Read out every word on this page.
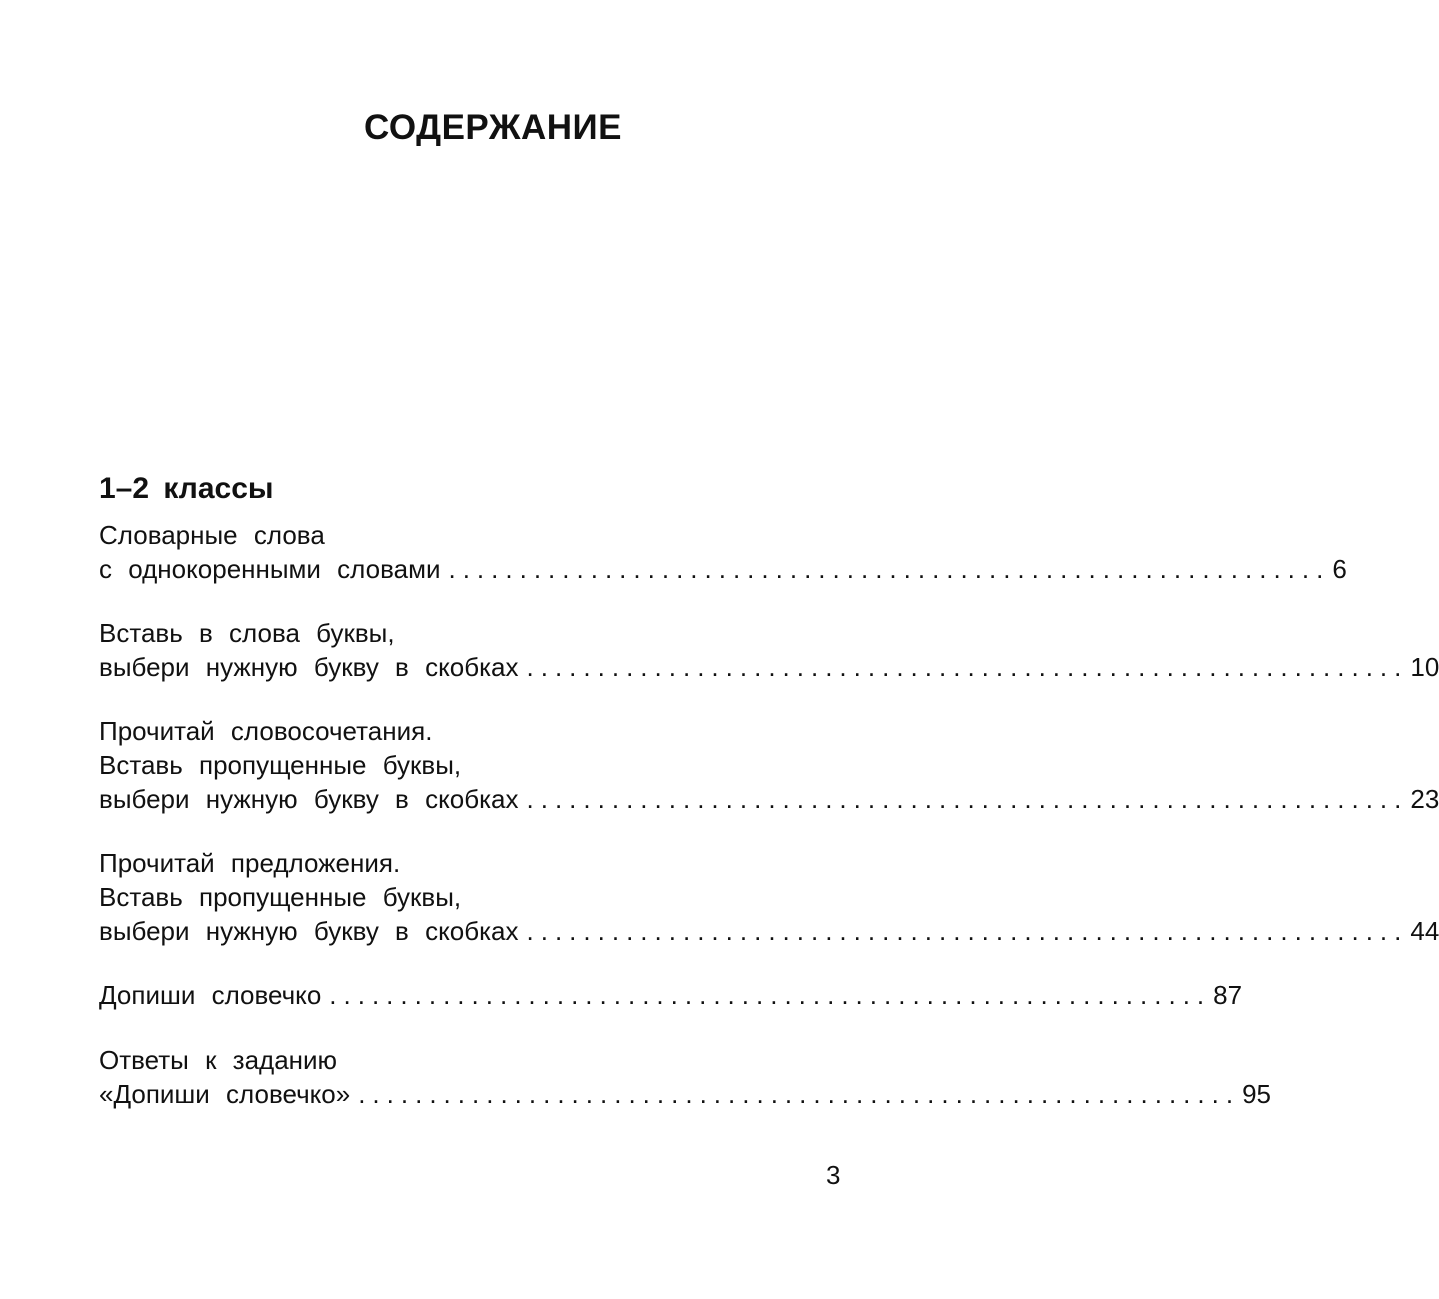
СОДЕРЖАНИЕ
1–2 классы
Словарные слова
с однокоренными словами .............................................................. 6
Вставь в слова буквы,
выбери нужную букву в скобках .............................................................. 10
Прочитай словосочетания.
Вставь пропущенные буквы,
выбери нужную букву в скобках .............................................................. 23
Прочитай предложения.
Вставь пропущенные буквы,
выбери нужную букву в скобках .............................................................. 44
Допиши словечко .............................................................. 87
Ответы к заданию
«Допиши словечко» .............................................................. 95
3
